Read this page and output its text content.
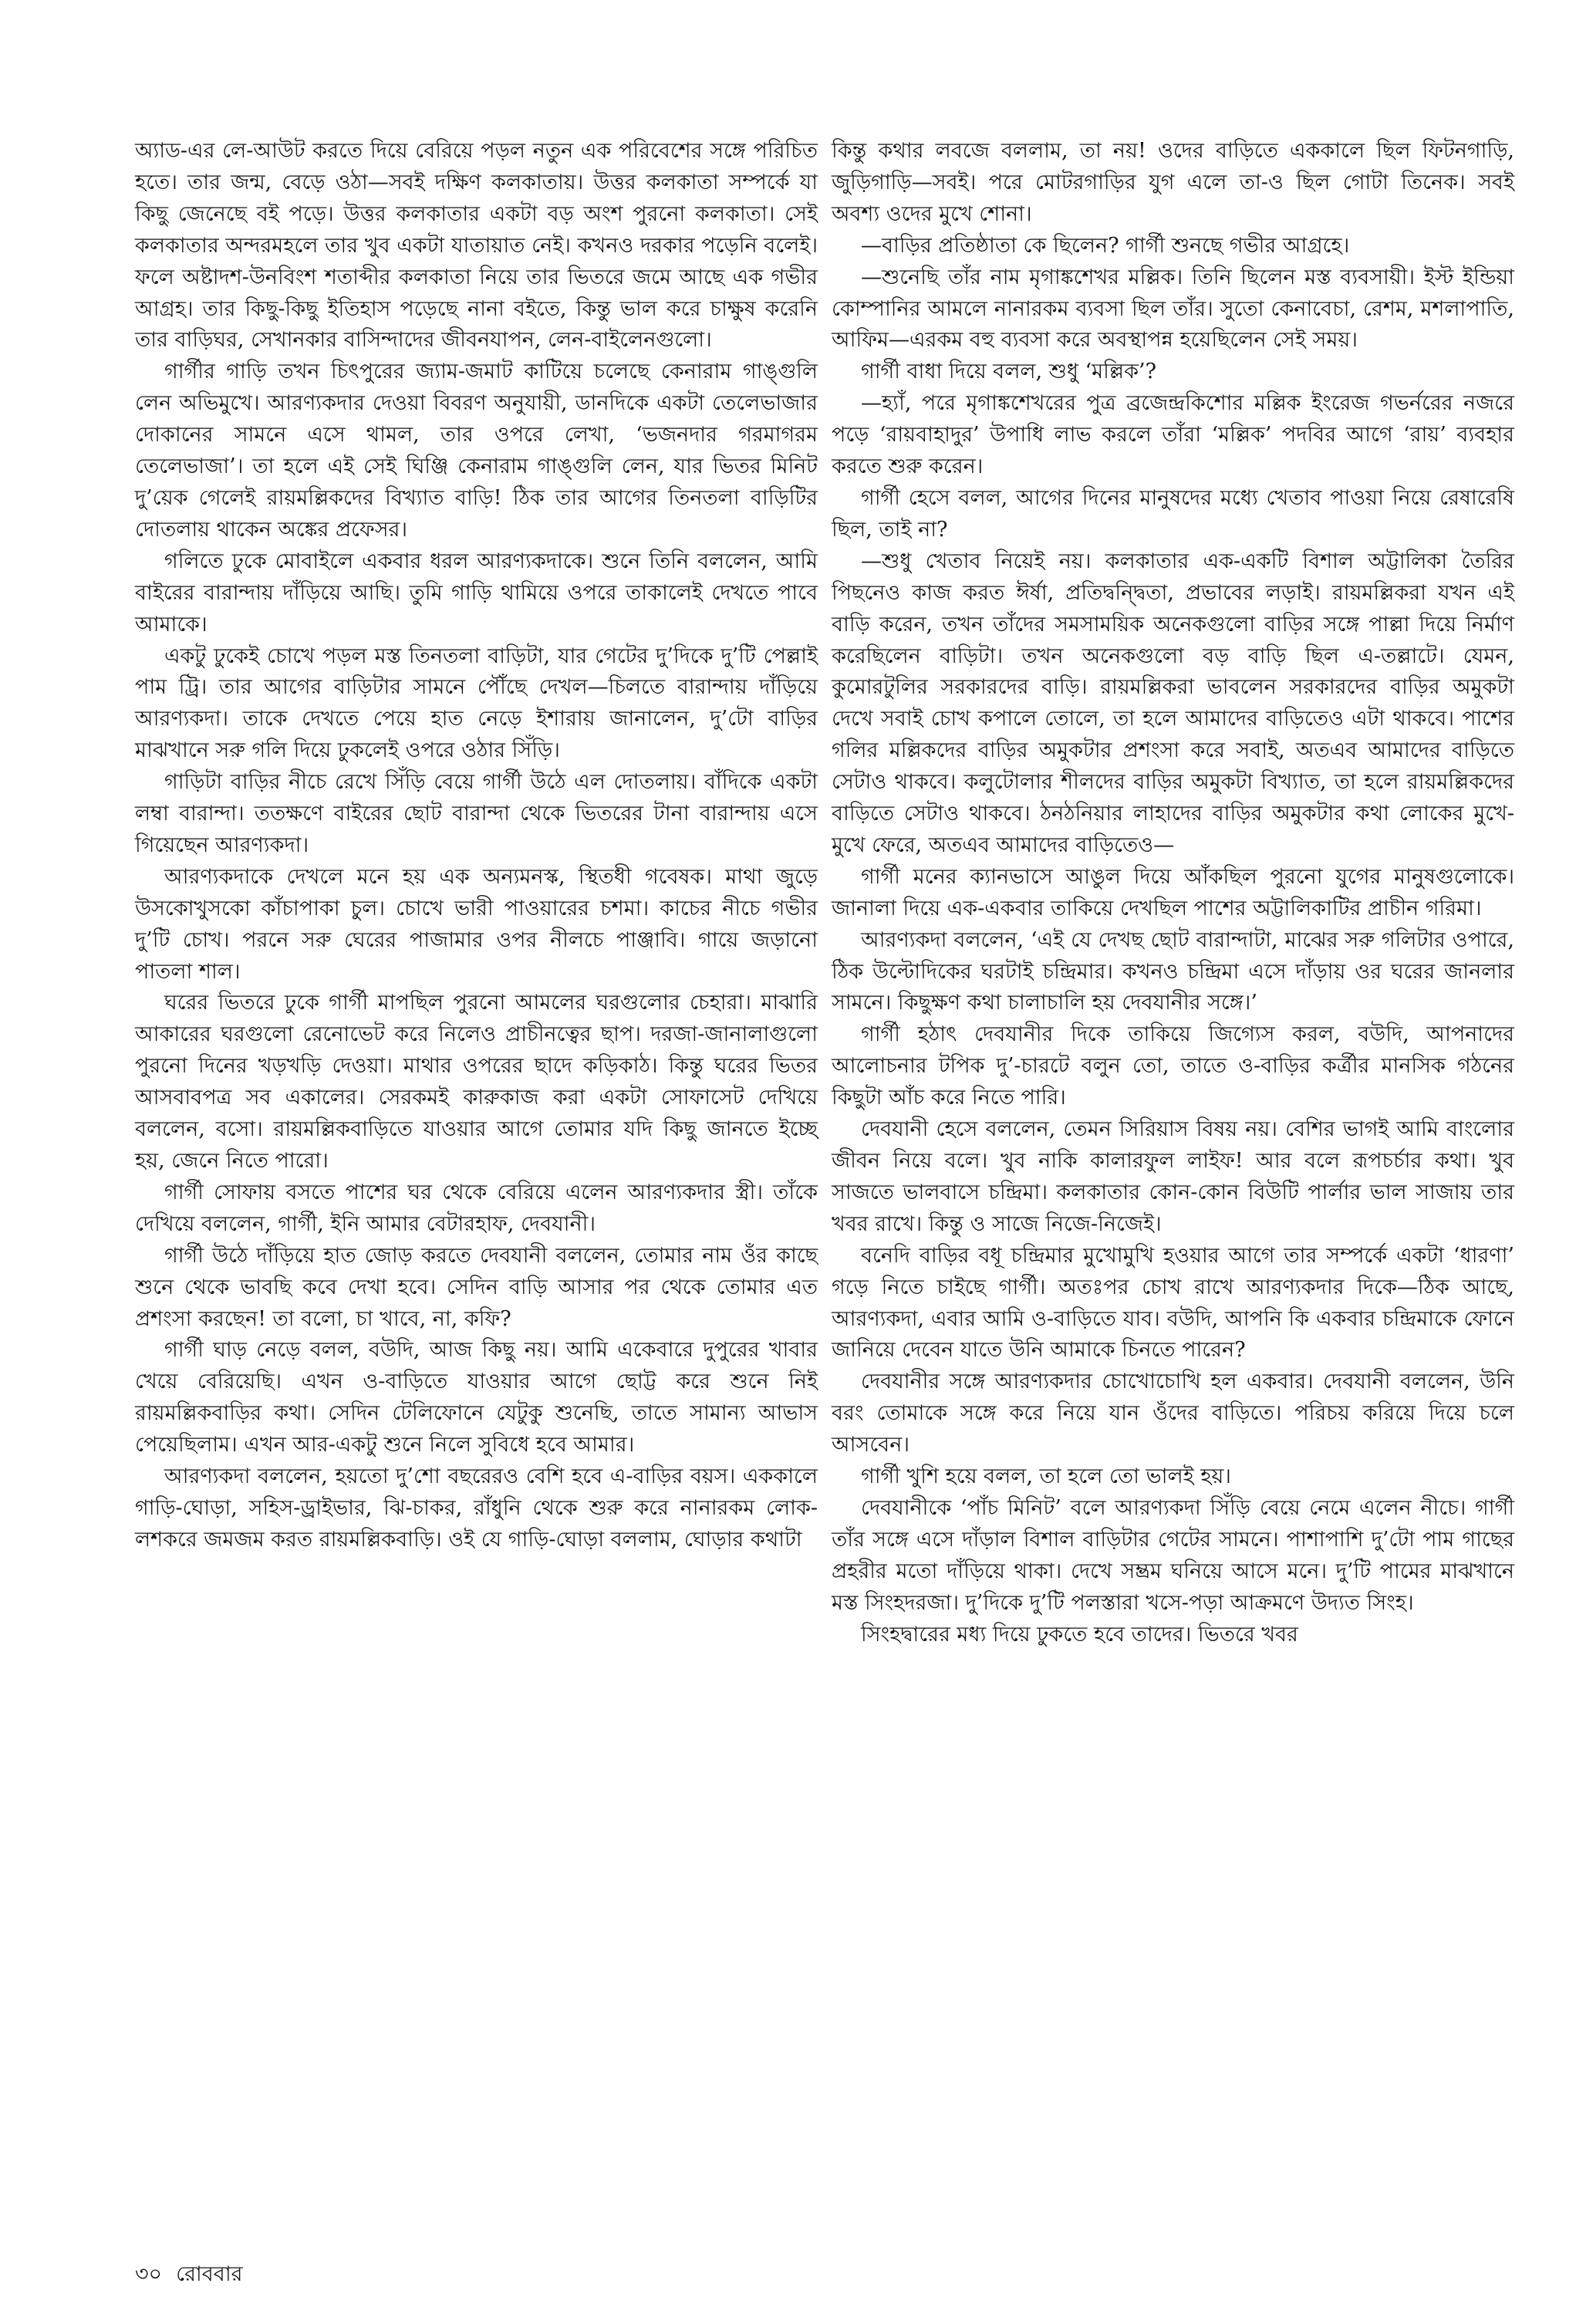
অ্যাড-এর লে-আউট করতে দিয়ে বেরিয়ে পড়ল নতুন এক পরিবেশের সঙ্গে পরিচিত হতে। তার জন্ম, বেড়ে ওঠা—সবই দক্ষিণ কলকাতায়। উত্তর কলকাতা সম্পর্কে যা কিছু জেনেছে বই পড়ে। উত্তর কলকাতার একটা বড় অংশ পুরনো কলকাতা। সেই কলকাতার অন্দরমহলে তার খুব একটা যাতায়াত নেই। কখনও দরকার পড়েনি বলেই। ফলে অষ্টাদশ-উনবিংশ শতাব্দীর কলকাতা নিয়ে তার ভিতরে জমে আছে এক গভীর আগ্রহ। তার কিছু-কিছু ইতিহাস পড়েছে নানা বইতে, কিন্তু ভাল করে চাক্ষুষ করেনি তার বাড়িঘর, সেখানকার বাসিন্দাদের জীবনযাপন, লেন-বাইলেনগুলো।

গার্গীর গাড়ি তখন চিৎপুরের জ্যাম-জমাট কাটিয়ে চলেছে কেনারাম গাঙ্গুলি লেন অভিমুখে। আরণ্যকদার দেওয়া বিবরণ অনুযায়ী, ডানদিকে একটা তেলেভাজার দোকানের সামনে এসে থামল, তার ওপরে লেখা, ‘ভজনদার গরমাগরম তেলেভাজা’। তা হলে এই সেই ঘিঞ্জি কেনারাম গাঙ্গুলি লেন, যার ভিতর মিনিট দু’য়েক গেলেই রায়মল্লিকদের বিখ্যাত বাড়ি! ঠিক তার আগের তিনতলা বাড়িটির দোতলায় থাকেন অঙ্কের প্রফেসর।

গলিতে ঢুকে মোবাইলে একবার ধরল আরণ্যকদাকে। শুনে তিনি বললেন, আমি বাইরের বারান্দায় দাঁড়িয়ে আছি। তুমি গাড়ি থামিয়ে ওপরে তাকালেই দেখতে পাবে আমাকে।

একটু ঢুকেই চোখে পড়ল মস্ত তিনতলা বাড়িটা, যার গেটের দু’দিকে দু’টি পেল্লাই পাম ট্রি। তার আগের বাড়িটার সামনে পৌঁছে দেখল—চিলতে বারান্দায় দাঁড়িয়ে আরণ্যকদা। তাকে দেখতে পেয়ে হাত নেড়ে ইশারায় জানালেন, দু’টো বাড়ির মাঝখানে সরু গলি দিয়ে ঢুকলেই ওপরে ওঠার সিঁড়ি।

গাড়িটা বাড়ির নীচে রেখে সিঁড়ি বেয়ে গার্গী উঠে এল দোতলায়। বাঁদিকে একটা লম্বা বারান্দা। ততক্ষণে বাইরের ছোট বারান্দা থেকে ভিতরের টানা বারান্দায় এসে গিয়েছেন আরণ্যকদা।

আরণ্যকদাকে দেখলে মনে হয় এক অন্যমনস্ক, স্থিতধী গবেষক। মাথা জুড়ে উসকোখুসকো কাঁচাপাকা চুল। চোখে ভারী পাওয়ারের চশমা। কাচের নীচে গভীর দু’টি চোখ। পরনে সরু ঘেরের পাজামার ওপর নীলচে পাঞ্জাবি। গায়ে জড়ানো পাতলা শাল।

ঘরের ভিতরে ঢুকে গার্গী মাপছিল পুরনো আমলের ঘরগুলোর চেহারা। মাঝারি আকারের ঘরগুলো রেনোভেট করে নিলেও প্রাচীনত্বের ছাপ। দরজা-জানালাগুলো পুরনো দিনের খড়খড়ি দেওয়া। মাথার ওপরের ছাদে কড়িকাঠ। কিন্তু ঘরের ভিতর আসবাবপত্র সব একালের। সেরকমই কারুকাজ করা একটা সোফাসেট দেখিয়ে বললেন, বসো। রায়মল্লিকবাড়িতে যাওয়ার আগে তোমার যদি কিছু জানতে ইচ্ছে হয়, জেনে নিতে পারো।

গার্গী সোফায় বসতে পাশের ঘর থেকে বেরিয়ে এলেন আরণ্যকদার স্ত্রী। তাঁকে দেখিয়ে বললেন, গার্গী, ইনি আমার বেটারহাফ, দেবযানী।

গার্গী উঠে দাঁড়িয়ে হাত জোড় করতে দেবযানী বললেন, তোমার নাম ওঁর কাছে শুনে থেকে ভাবছি কবে দেখা হবে। সেদিন বাড়ি আসার পর থেকে তোমার এত প্রশংসা করছেন! তা বলো, চা খাবে, না, কফি?

গার্গী ঘাড় নেড়ে বলল, বউদি, আজ কিছু নয়। আমি একেবারে দুপুরের খাবার খেয়ে বেরিয়েছি। এখন ও-বাড়িতে যাওয়ার আগে ছোট্ট করে শুনে নিই রায়মল্লিকবাড়ির কথা। সেদিন টেলিফোনে যেটুকু শুনেছি, তাতে সামান্য আভাস পেয়েছিলাম। এখন আর-একটু শুনে নিলে সুবিধে হবে আমার।

আরণ্যকদা বললেন, হয়তো দু’শো বছরেরও বেশি হবে এ-বাড়ির বয়স। এককালে গাড়ি-ঘোড়া, সহিস-ড্রাইভার, ঝি-চাকর, রাঁধুনি থেকে শুরু করে নানারকম লোক-লশকরে জমজম করত রায়মল্লিকবাড়ি। ওই যে গাড়ি-ঘোড়া বললাম, ঘোড়ার কথাটা

কিন্তু কথার লবজে বললাম, তা নয়! ওদের বাড়িতে এককালে ছিল ফিটনগাড়ি, জুড়িগাড়ি—সবই। পরে মোটরগাড়ির যুগ এলে তা-ও ছিল গোটা তিনেক। সবই অবশ্য ওদের মুখে শোনা।

—বাড়ির প্রতিষ্ঠাতা কে ছিলেন? গার্গী শুনছে গভীর আগ্রহে।

—শুনেছি তাঁর নাম মৃগাঙ্কশেখর মল্লিক। তিনি ছিলেন মস্ত ব্যবসায়ী। ইস্ট ইন্ডিয়া কোম্পানির আমলে নানারকম ব্যবসা ছিল তাঁর। সুতো কেনাবেচা, রেশম, মশলাপাতি, আফিম—এরকম বহু ব্যবসা করে অবস্থাপন্ন হয়েছিলেন সেই সময়।

গার্গী বাধা দিয়ে বলল, শুধু ‘মল্লিক’?

—হ্যাঁ, পরে মৃগাঙ্কশেখরের পুত্র ব্রজেন্দ্রকিশোর মল্লিক ইংরেজ গভর্নরের নজরে পড়ে ‘রায়বাহাদুর’ উপাধি লাভ করলে তাঁরা ‘মল্লিক’ পদবির আগে ‘রায়’ ব্যবহার করতে শুরু করেন।

গার্গী হেসে বলল, আগের দিনের মানুষদের মধ্যে খেতাব পাওয়া নিয়ে রেষারেষি ছিল, তাই না?

—শুধু খেতাব নিয়েই নয়। কলকাতার এক-একটি বিশাল অট্টালিকা তৈরির পিছনেও কাজ করত ঈর্ষা, প্রতিদ্বন্দ্বিতা, প্রভাবের লড়াই। রায়মল্লিকরা যখন এই বাড়ি করেন, তখন তাঁদের সমসাময়িক অনেকগুলো বাড়ির সঙ্গে পাল্লা দিয়ে নির্মাণ করেছিলেন বাড়িটা। তখন অনেকগুলো বড় বাড়ি ছিল এ-তল্লাটে। যেমন, কুমোরটুলির সরকারদের বাড়ি। রায়মল্লিকরা ভাবলেন সরকারদের বাড়ির অমুকটা দেখে সবাই চোখ কপালে তোলে, তা হলে আমাদের বাড়িতেও এটা থাকবে। পাশের গলির মল্লিকদের বাড়ির অমুকটার প্রশংসা করে সবাই, অতএব আমাদের বাড়িতে সেটাও থাকবে। কলুটোলার শীলদের বাড়ির অমুকটা বিখ্যাত, তা হলে রায়মল্লিকদের বাড়িতে সেটাও থাকবে। ঠনঠনিয়ার লাহাদের বাড়ির অমুকটার কথা লোকের মুখে-মুখে ফেরে, অতএব আমাদের বাড়িতেও—

গার্গী মনের ক্যানভাসে আঙুল দিয়ে আঁকছিল পুরনো যুগের মানুষগুলোকে। জানালা দিয়ে এক-একবার তাকিয়ে দেখছিল পাশের অট্টালিকাটির প্রাচীন গরিমা।

আরণ্যকদা বললেন, ‘এই যে দেখছ ছোট বারান্দাটা, মাঝের সরু গলিটার ওপারে, ঠিক উল্টোদিকের ঘরটাই চন্দ্রিমার। কখনও চন্দ্রিমা এসে দাঁড়ায় ওর ঘরের জানলার সামনে। কিছুক্ষণ কথা চালাচালি হয় দেবযানীর সঙ্গে।’

গার্গী হঠাৎ দেবযানীর দিকে তাকিয়ে জিগ্যেস করল, বউদি, আপনাদের আলোচনার টপিক দু’-চারটে বলুন তো, তাতে ও-বাড়ির কর্ত্রীর মানসিক গঠনের কিছুটা আঁচ করে নিতে পারি।

দেবযানী হেসে বললেন, তেমন সিরিয়াস বিষয় নয়। বেশির ভাগই আমি বাংলোর জীবন নিয়ে বলে। খুব নাকি কালারফুল লাইফ! আর বলে রূপচর্চার কথা। খুব সাজতে ভালবাসে চন্দ্রিমা। কলকাতার কোন-কোন বিউটি পার্লার ভাল সাজায় তার খবর রাখে। কিন্তু ও সাজে নিজে-নিজেই।

বনেদি বাড়ির বধূ চন্দ্রিমার মুখোমুখি হওয়ার আগে তার সম্পর্কে একটা ‘ধারণা’ গড়ে নিতে চাইছে গার্গী। অতঃপর চোখ রাখে আরণ্যকদার দিকে—ঠিক আছে, আরণ্যকদা, এবার আমি ও-বাড়িতে যাব। বউদি, আপনি কি একবার চন্দ্রিমাকে ফোনে জানিয়ে দেবেন যাতে উনি আমাকে চিনতে পারেন?

দেবযানীর সঙ্গে আরণ্যকদার চোখোচোখি হল একবার। দেবযানী বললেন, উনি বরং তোমাকে সঙ্গে করে নিয়ে যান ওঁদের বাড়িতে। পরিচয় করিয়ে দিয়ে চলে আসবেন।

গার্গী খুশি হয়ে বলল, তা হলে তো ভালই হয়।

দেবযানীকে ‘পাঁচ মিনিট’ বলে আরণ্যকদা সিঁড়ি বেয়ে নেমে এলেন নীচে। গার্গী তাঁর সঙ্গে এসে দাঁড়াল বিশাল বাড়িটার গেটের সামনে। পাশাপাশি দু’টো পাম গাছের প্রহরীর মতো দাঁড়িয়ে থাকা। দেখে সম্ভ্রম ঘনিয়ে আসে মনে। দু’টি পামের মাঝখানে মস্ত সিংহদরজা। দু’দিকে দু’টি পলস্তারা খসে-পড়া আক্রমণে উদ্যত সিংহ।

সিংহদ্বারের মধ্য দিয়ে ঢুকতে হবে তাদের। ভিতরে খবর

৩০ রোববার
